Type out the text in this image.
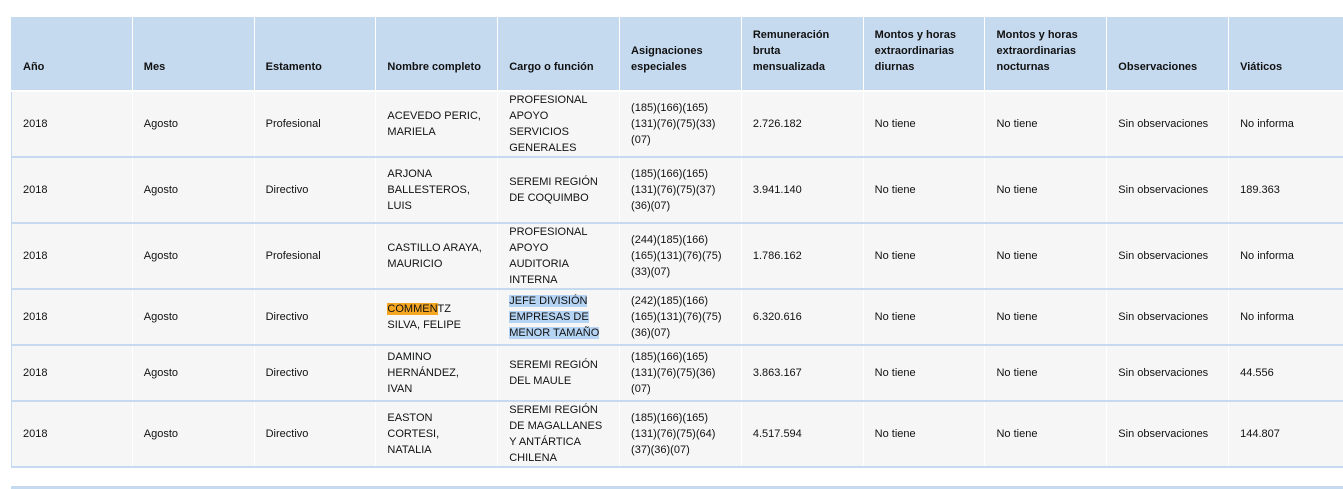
Año	Mes	Estamento	Nombre completo	Cargo o función	Asignaciones especiales	Remuneración bruta mensualizada	Montos y horas extraordinarias diurnas	Montos y horas extraordinarias nocturnas	Observaciones	Viáticos
2018	Agosto	Profesional	ACEVEDO PERIC, MARIELA	PROFESIONAL APOYO SERVICIOS GENERALES	(185)(166)(165)(131)(76)(75)(33)(07)	2.726.182	No tiene	No tiene	Sin observaciones	No informa
2018	Agosto	Directivo	ARJONA BALLESTEROS, LUIS	SEREMI REGIÓN DE COQUIMBO	(185)(166)(165)(131)(76)(75)(37)(36)(07)	3.941.140	No tiene	No tiene	Sin observaciones	189.363
2018	Agosto	Profesional	CASTILLO ARAYA, MAURICIO	PROFESIONAL APOYO AUDITORIA INTERNA	(244)(185)(166)(165)(131)(76)(75)(33)(07)	1.786.162	No tiene	No tiene	Sin observaciones	No informa
2018	Agosto	Directivo	COMMENTZ SILVA, FELIPE	JEFE DIVISIÓN EMPRESAS DE MENOR TAMAÑO	(242)(185)(166)(165)(131)(76)(75)(36)(07)	6.320.616	No tiene	No tiene	Sin observaciones	No informa
2018	Agosto	Directivo	DAMINO HERNÁNDEZ, IVAN	SEREMI REGIÓN DEL MAULE	(185)(166)(165)(131)(76)(75)(36)(07)	3.863.167	No tiene	No tiene	Sin observaciones	44.556
2018	Agosto	Directivo	EASTON CORTESI, NATALIA	SEREMI REGIÓN DE MAGALLANES Y ANTÁRTICA CHILENA	(185)(166)(165)(131)(76)(75)(64)(37)(36)(07)	4.517.594	No tiene	No tiene	Sin observaciones	144.807
